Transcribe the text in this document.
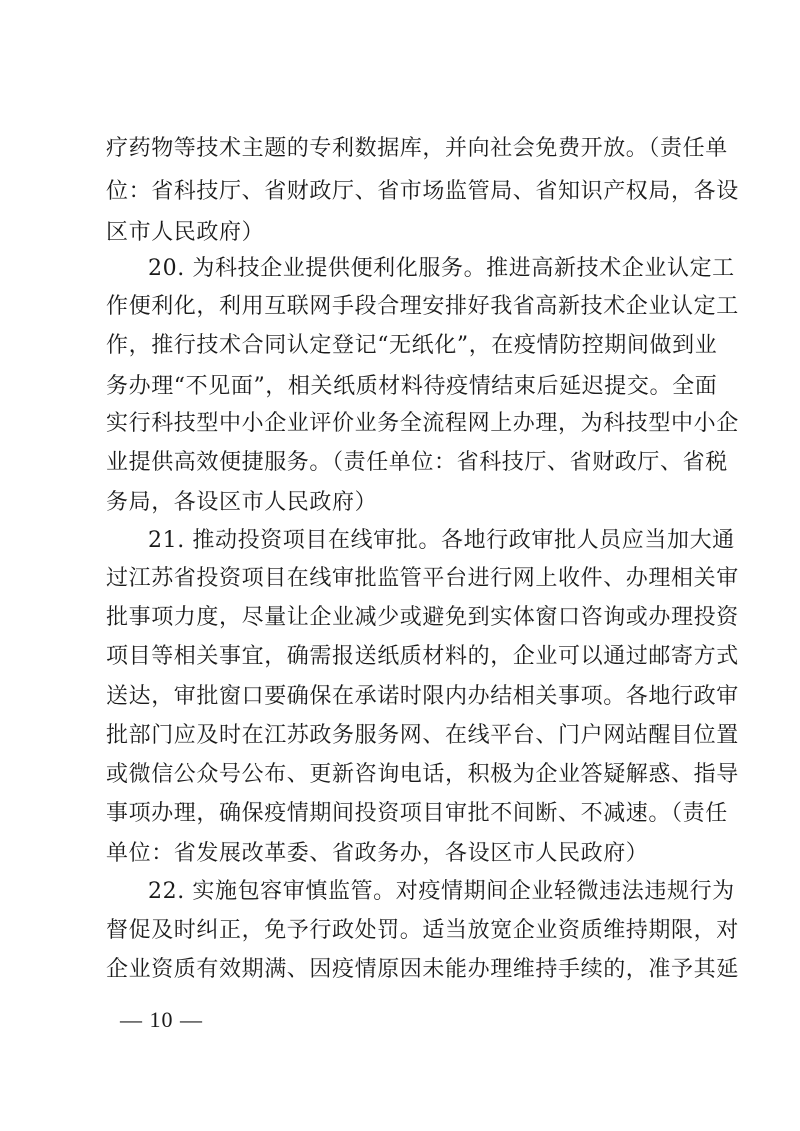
疗药物等技术主题的专利数据库，并向社会免费开放。（责任单
位：省科技厅、省财政厅、省市场监管局、省知识产权局，各设
区市人民政府）
20. 为科技企业提供便利化服务。推进高新技术企业认定工
作便利化，利用互联网手段合理安排好我省高新技术企业认定工
作，推行技术合同认定登记“无纸化”，在疫情防控期间做到业
务办理“不见面”，相关纸质材料待疫情结束后延迟提交。全面
实行科技型中小企业评价业务全流程网上办理，为科技型中小企
业提供高效便捷服务。（责任单位：省科技厅、省财政厅、省税
务局，各设区市人民政府）
21. 推动投资项目在线审批。各地行政审批人员应当加大通
过江苏省投资项目在线审批监管平台进行网上收件、办理相关审
批事项力度，尽量让企业减少或避免到实体窗口咨询或办理投资
项目等相关事宜，确需报送纸质材料的，企业可以通过邮寄方式
送达，审批窗口要确保在承诺时限内办结相关事项。各地行政审
批部门应及时在江苏政务服务网、在线平台、门户网站醒目位置
或微信公众号公布、更新咨询电话，积极为企业答疑解惑、指导
事项办理，确保疫情期间投资项目审批不间断、不减速。（责任
单位：省发展改革委、省政务办，各设区市人民政府）
22. 实施包容审慎监管。对疫情期间企业轻微违法违规行为
督促及时纠正，免予行政处罚。适当放宽企业资质维持期限，对
企业资质有效期满、因疫情原因未能办理维持手续的，准予其延
— 10 —
